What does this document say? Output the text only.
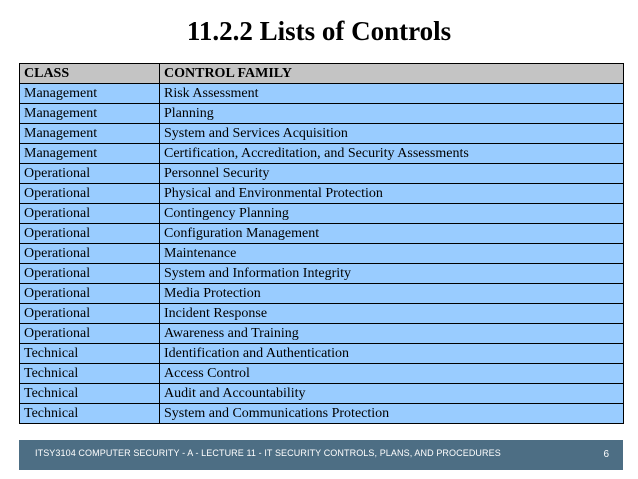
11.2.2 Lists of Controls
CLASS	CONTROL FAMILY
Management	Risk Assessment
Management	Planning
Management	System and Services Acquisition
Management	Certification, Accreditation, and Security Assessments
Operational	Personnel Security
Operational	Physical and Environmental Protection
Operational	Contingency Planning
Operational	Configuration Management
Operational	Maintenance
Operational	System and Information Integrity
Operational	Media Protection
Operational	Incident Response
Operational	Awareness and Training
Technical	Identification and Authentication
Technical	Access Control
Technical	Audit and Accountability
Technical	System and Communications Protection
ITSY3104 COMPUTER SECURITY - A - LECTURE 11 - IT SECURITY CONTROLS, PLANS, AND PROCEDURES	6
